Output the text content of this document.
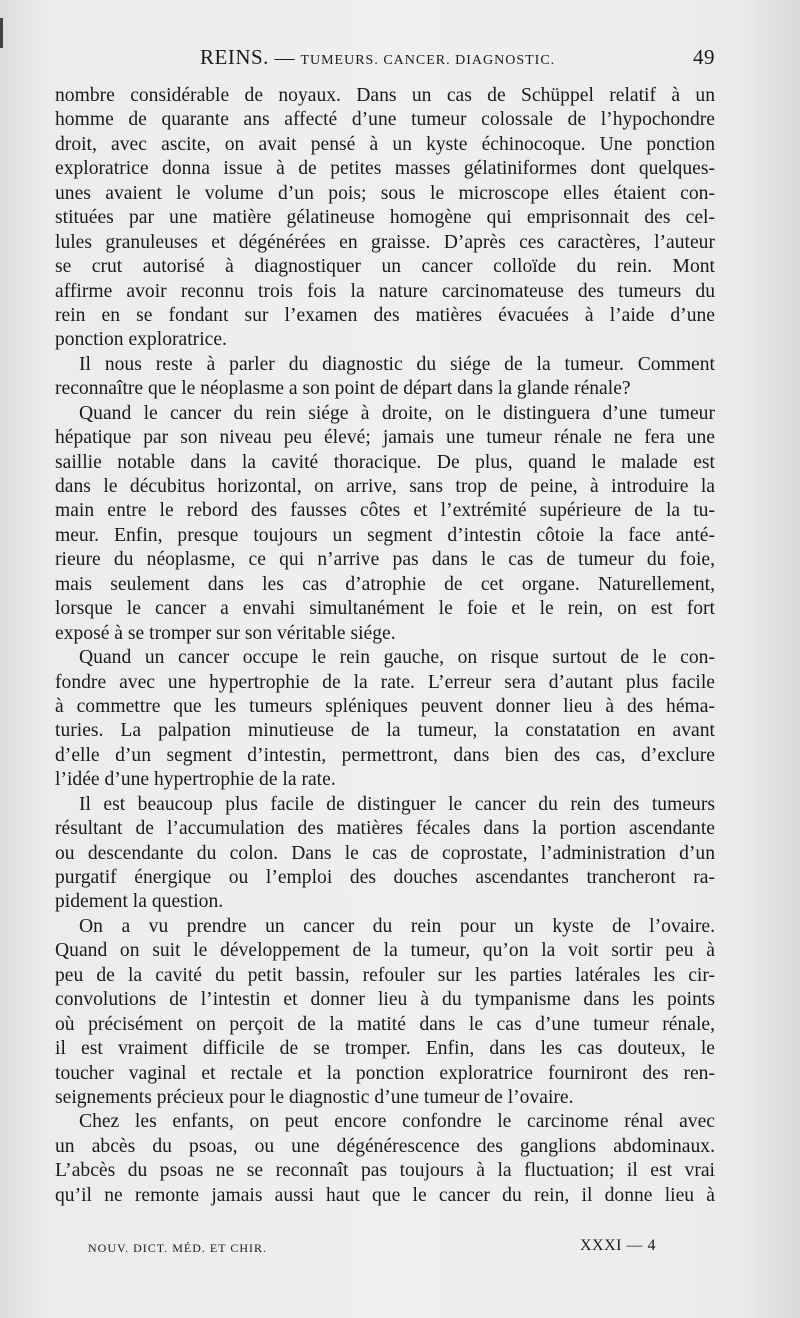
REINS. — TUMEURS. CANCER. DIAGNOSTIC.	49

nombre considérable de noyaux. Dans un cas de Schüppel relatif à un
homme de quarante ans affecté d’une tumeur colossale de l’hypochondre
droit, avec ascite, on avait pensé à un kyste échinocoque. Une ponction
exploratrice donna issue à de petites masses gélatiniformes dont quelques-
unes avaient le volume d’un pois; sous le microscope elles étaient con-
stituées par une matière gélatineuse homogène qui emprisonnait des cel-
lules granuleuses et dégénérées en graisse. D’après ces caractères, l’auteur
se crut autorisé à diagnostiquer un cancer colloïde du rein. Mont
affirme avoir reconnu trois fois la nature carcinomateuse des tumeurs du
rein en se fondant sur l’examen des matières évacuées à l’aide d’une
ponction exploratrice.

Il nous reste à parler du diagnostic du siége de la tumeur. Comment
reconnaître que le néoplasme a son point de départ dans la glande rénale?

Quand le cancer du rein siége à droite, on le distinguera d’une tumeur
hépatique par son niveau peu élevé; jamais une tumeur rénale ne fera une
saillie notable dans la cavité thoracique. De plus, quand le malade est
dans le décubitus horizontal, on arrive, sans trop de peine, à introduire la
main entre le rebord des fausses côtes et l’extrémité supérieure de la tu-
meur. Enfin, presque toujours un segment d’intestin côtoie la face anté-
rieure du néoplasme, ce qui n’arrive pas dans le cas de tumeur du foie,
mais seulement dans les cas d’atrophie de cet organe. Naturellement,
lorsque le cancer a envahi simultanément le foie et le rein, on est fort
exposé à se tromper sur son véritable siége.

Quand un cancer occupe le rein gauche, on risque surtout de le con-
fondre avec une hypertrophie de la rate. L’erreur sera d’autant plus facile
à commettre que les tumeurs spléniques peuvent donner lieu à des héma-
turies. La palpation minutieuse de la tumeur, la constatation en avant
d’elle d’un segment d’intestin, permettront, dans bien des cas, d’exclure
l’idée d’une hypertrophie de la rate.

Il est beaucoup plus facile de distinguer le cancer du rein des tumeurs
résultant de l’accumulation des matières fécales dans la portion ascendante
ou descendante du colon. Dans le cas de coprostate, l’administration d’un
purgatif énergique ou l’emploi des douches ascendantes trancheront ra-
pidement la question.

On a vu prendre un cancer du rein pour un kyste de l’ovaire.
Quand on suit le développement de la tumeur, qu’on la voit sortir peu à
peu de la cavité du petit bassin, refouler sur les parties latérales les cir-
convolutions de l’intestin et donner lieu à du tympanisme dans les points
où précisément on perçoit de la matité dans le cas d’une tumeur rénale,
il est vraiment difficile de se tromper. Enfin, dans les cas douteux, le
toucher vaginal et rectale et la ponction exploratrice fourniront des ren-
seignements précieux pour le diagnostic d’une tumeur de l’ovaire.

Chez les enfants, on peut encore confondre le carcinome rénal avec
un abcès du psoas, ou une dégénérescence des ganglions abdominaux.
L’abcès du psoas ne se reconnaît pas toujours à la fluctuation; il est vrai
qu’il ne remonte jamais aussi haut que le cancer du rein, il donne lieu à

NOUV. DICT. MÉD. ET CHIR.	XXXI — 4
